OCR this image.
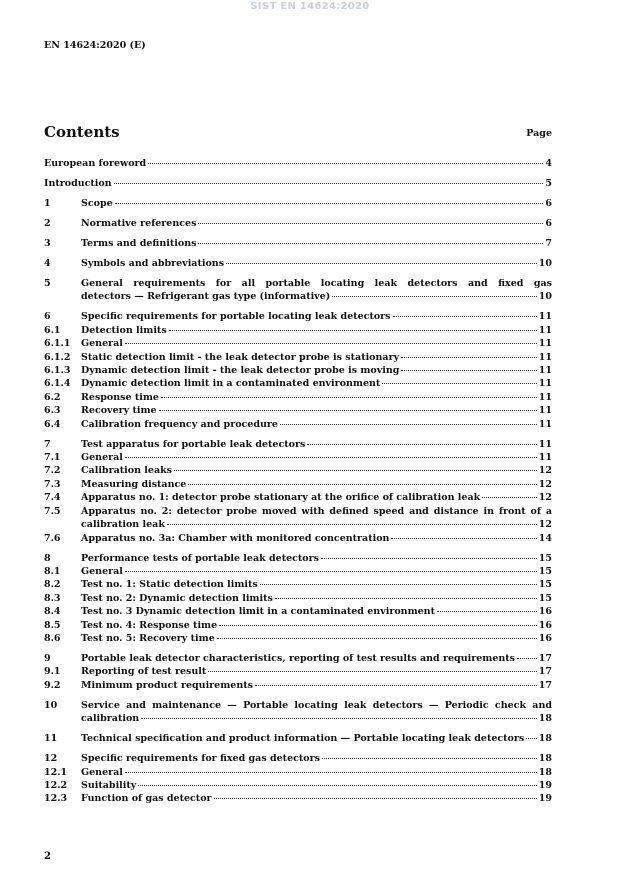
SIST EN 14624:2020
EN 14624:2020 (E)
Contents	Page
European foreword	4
Introduction	5
1	Scope	6
2	Normative references	6
3	Terms and definitions	7
4	Symbols and abbreviations	10
5	General requirements for all portable locating leak detectors and fixed gas
detectors — Refrigerant gas type (informative)	10
6	Specific requirements for portable locating leak detectors	11
6.1	Detection limits	11
6.1.1	General	11
6.1.2	Static detection limit - the leak detector probe is stationary	11
6.1.3	Dynamic detection limit - the leak detector probe is moving	11
6.1.4	Dynamic detection limit in a contaminated environment	11
6.2	Response time	11
6.3	Recovery time	11
6.4	Calibration frequency and procedure	11
7	Test apparatus for portable leak detectors	11
7.1	General	11
7.2	Calibration leaks	12
7.3	Measuring distance	12
7.4	Apparatus no. 1: detector probe stationary at the orifice of calibration leak	12
7.5	Apparatus no. 2: detector probe moved with defined speed and distance in front of a
calibration leak	12
7.6	Apparatus no. 3a: Chamber with monitored concentration	14
8	Performance tests of portable leak detectors	15
8.1	General	15
8.2	Test no. 1: Static detection limits	15
8.3	Test no. 2: Dynamic detection limits	15
8.4	Test no. 3 Dynamic detection limit in a contaminated environment	16
8.5	Test no. 4: Response time	16
8.6	Test no. 5: Recovery time	16
9	Portable leak detector characteristics, reporting of test results and requirements	17
9.1	Reporting of test result	17
9.2	Minimum product requirements	17
10	Service and maintenance — Portable locating leak detectors — Periodic check and
calibration	18
11	Technical specification and product information — Portable locating leak detectors 18
12	Specific requirements for fixed gas detectors	18
12.1	General	18
12.2	Suitability	19
12.3	Function of gas detector	19
2
